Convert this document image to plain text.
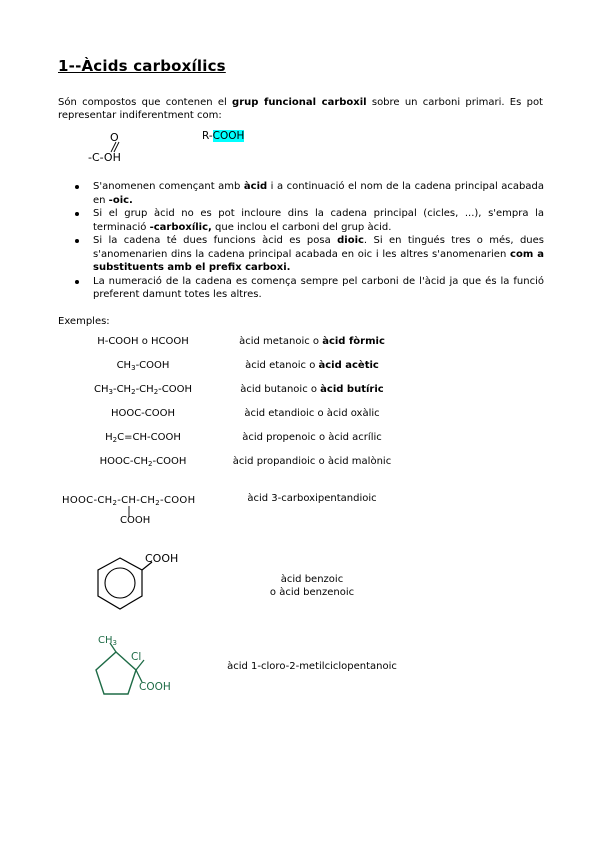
1--Àcids carboxílics
Són compostos que contenen el grup funcional carboxil sobre un carboni primari. Es pot representar indiferentment com:
O
-C-OH
R-COOH
S'anomenen començant amb àcid i a continuació el nom de la cadena principal acabada en -oic.
Si el grup àcid no es pot incloure dins la cadena principal (cicles, ...), s'empra la terminació -carboxílic, que inclou el carboni del grup àcid.
Si la cadena té dues funcions àcid es posa dioic. Si en tingués tres o més, dues s'anomenarien dins la cadena principal acabada en oic i les altres s'anomenarien com a substituents amb el prefix carboxi.
La numeració de la cadena es comença sempre pel carboni de l'àcid ja que és la funció preferent damunt totes les altres.
Exemples:
H-COOH o HCOOH	àcid metanoic o àcid fòrmic
$CH_3$-COOH	àcid etanoic o àcid acètic
$CH_3-CH_2-CH_2$-COOH	àcid butanoic o àcid butíric
HOOC-COOH	àcid etandioic o àcid oxàlic
$H_2C=CH$-COOH	àcid propenoic o àcid acrílic
HOOC-$CH_2$-COOH	àcid propandioic o àcid malònic
HOOC-$CH_2-CH-CH_2$-COOH
COOH
àcid 3-carboxipentandioic
COOH
àcid benzoic
o àcid benzenoic
$CH_3$
Cl
COOH
àcid 1-cloro-2-metilciclopentanoic
